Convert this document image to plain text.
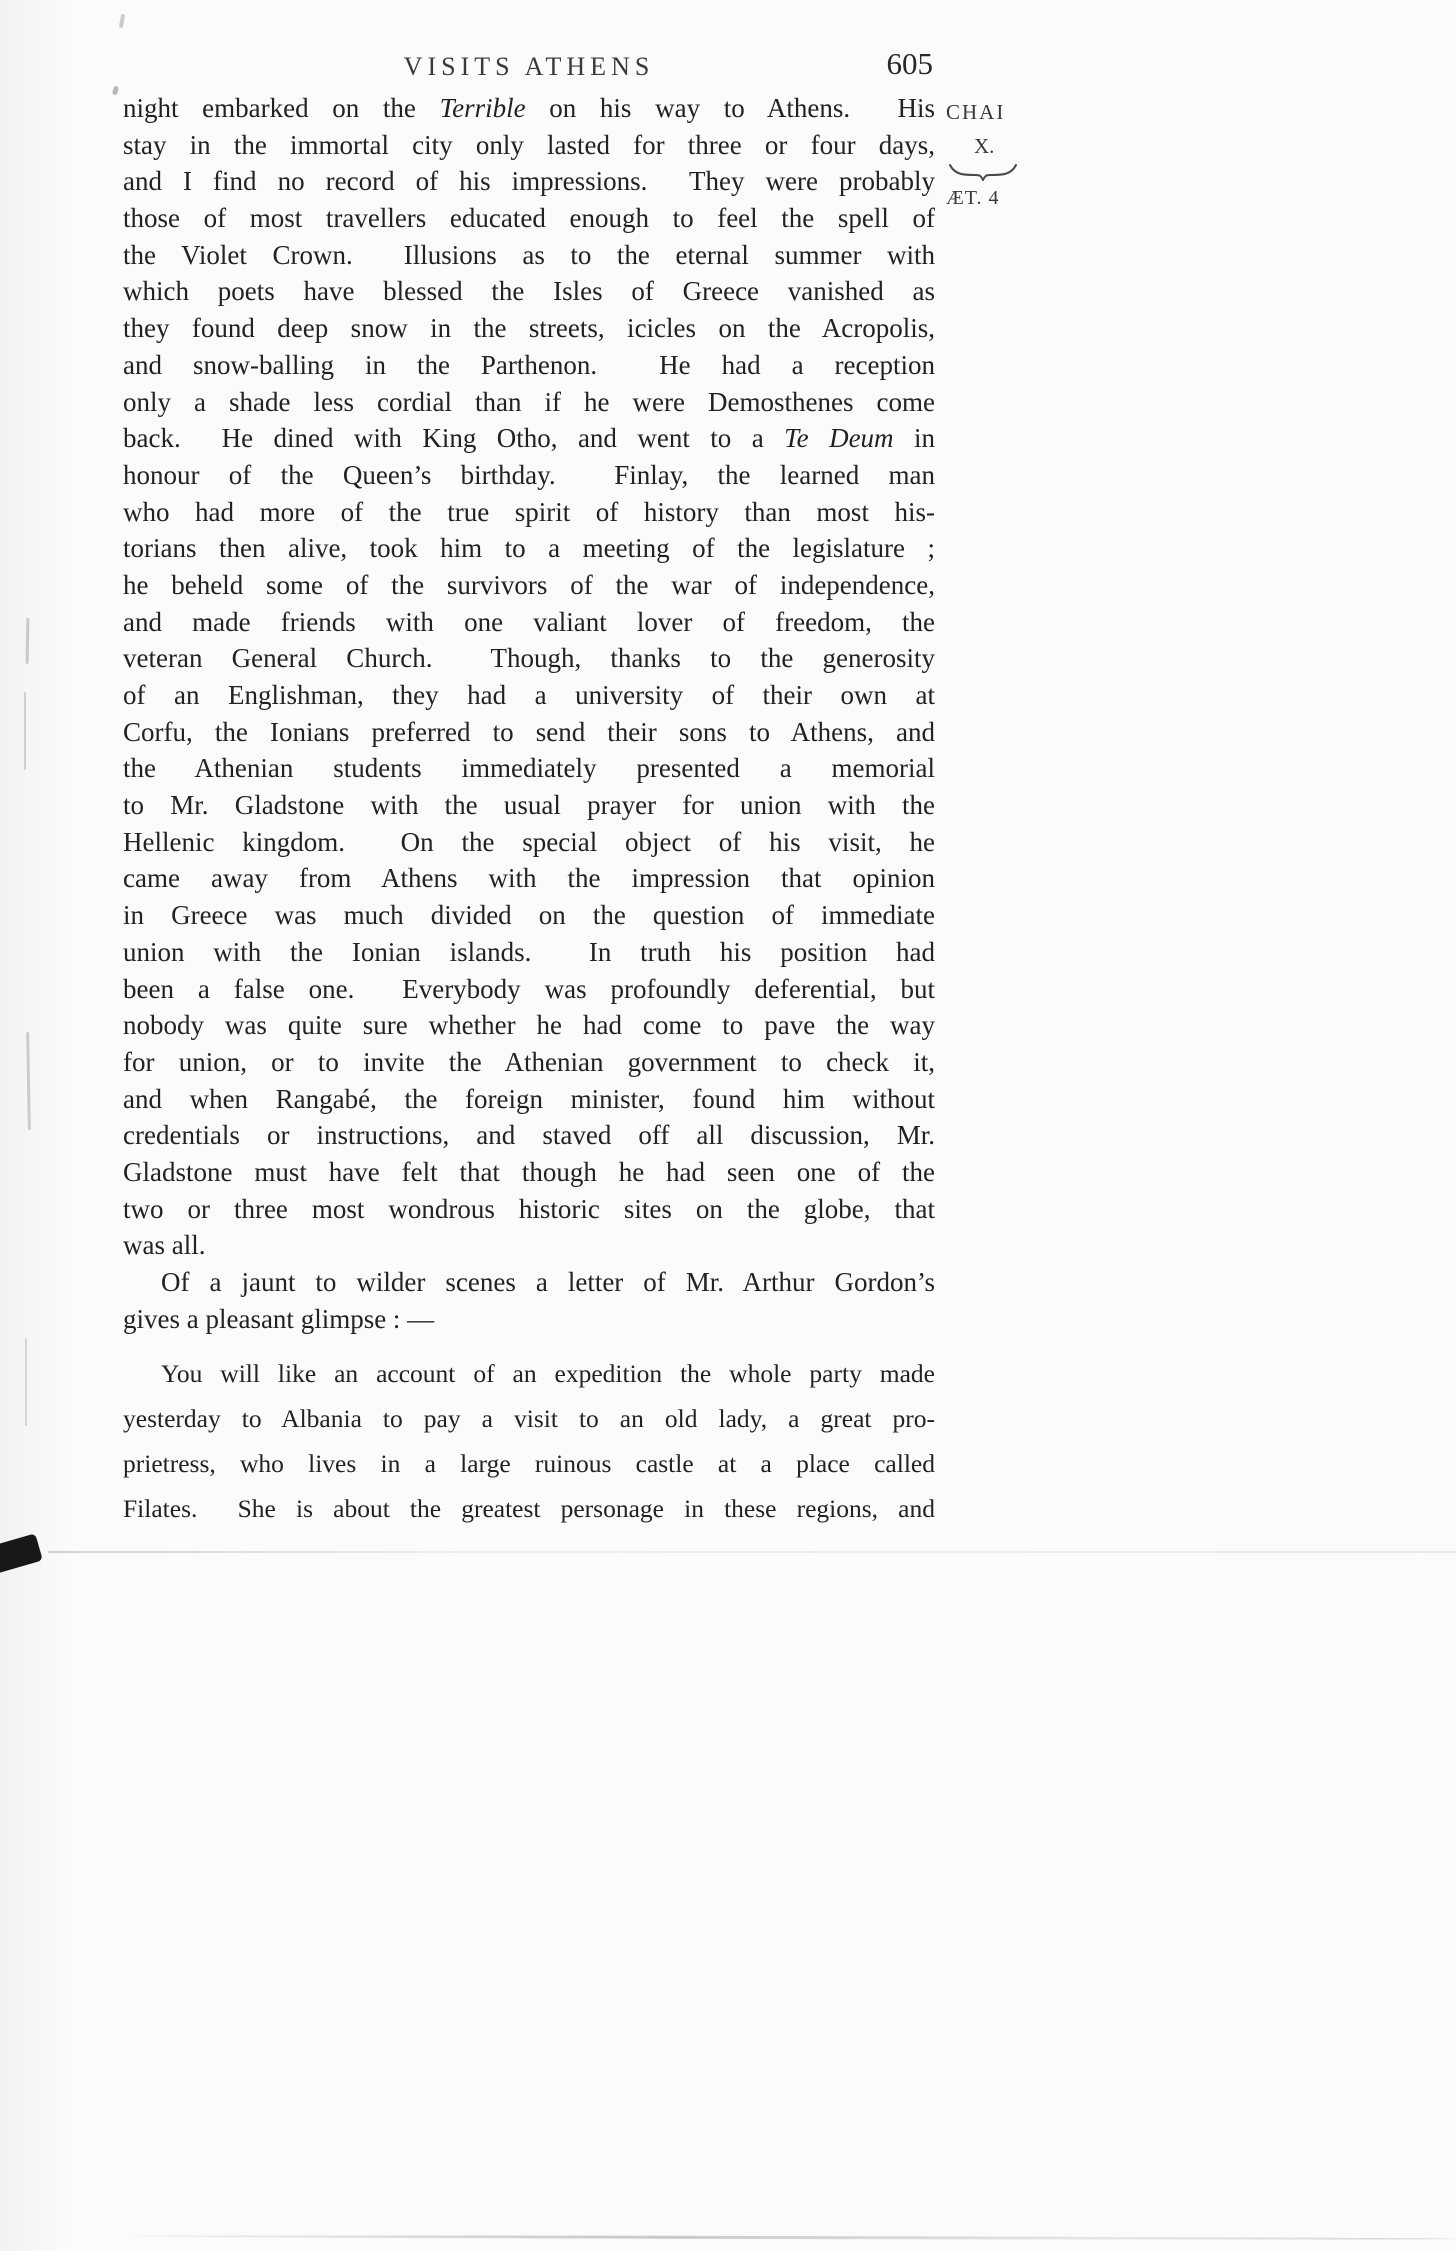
VISITS ATHENS	605
CHAI
X.
ÆT. 4
night embarked on the Terrible on his way to Athens.  His
stay in the immortal city only lasted for three or four days,
and I find no record of his impressions.  They were probably
those of most travellers educated enough to feel the spell of
the Violet Crown.  Illusions as to the eternal summer with
which poets have blessed the Isles of Greece vanished as
they found deep snow in the streets, icicles on the Acropolis,
and snow-balling in the Parthenon.  He had a reception
only a shade less cordial than if he were Demosthenes come
back.  He dined with King Otho, and went to a Te Deum in
honour of the Queen’s birthday.  Finlay, the learned man
who had more of the true spirit of history than most his-
torians then alive, took him to a meeting of the legislature ;
he beheld some of the survivors of the war of independence,
and made friends with one valiant lover of freedom, the
veteran General Church.  Though, thanks to the generosity
of an Englishman, they had a university of their own at
Corfu, the Ionians preferred to send their sons to Athens, and
the Athenian students immediately presented a memorial
to Mr. Gladstone with the usual prayer for union with the
Hellenic kingdom.  On the special object of his visit, he
came away from Athens with the impression that opinion
in Greece was much divided on the question of immediate
union with the Ionian islands.  In truth his position had
been a false one.  Everybody was profoundly deferential, but
nobody was quite sure whether he had come to pave the way
for union, or to invite the Athenian government to check it,
and when Rangabé, the foreign minister, found him without
credentials or instructions, and staved off all discussion, Mr.
Gladstone must have felt that though he had seen one of the
two or three most wondrous historic sites on the globe, that
was all.
Of a jaunt to wilder scenes a letter of Mr. Arthur Gordon’s
gives a pleasant glimpse : —
You will like an account of an expedition the whole party made
yesterday to Albania to pay a visit to an old lady, a great pro-
prietress, who lives in a large ruinous castle at a place called
Filates.  She is about the greatest personage in these regions, and
